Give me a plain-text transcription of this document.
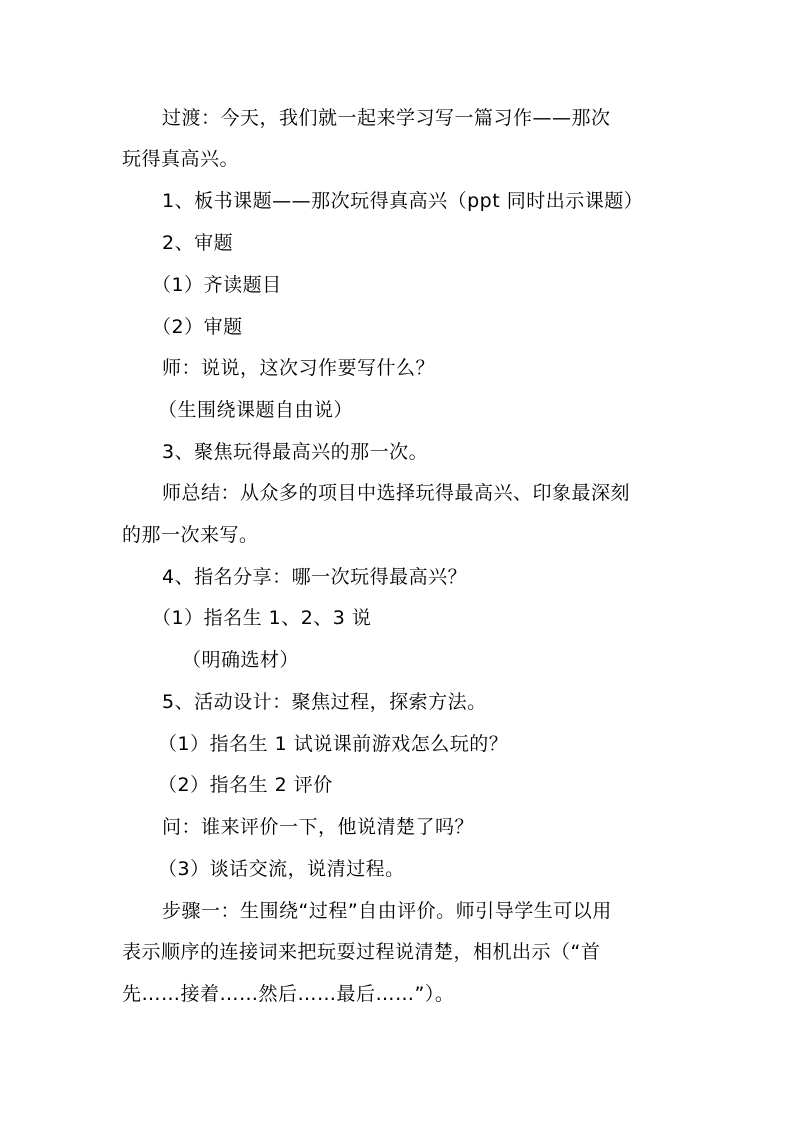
过渡：今天，我们就一起来学习写一篇习作——那次
玩得真高兴。
1、板书课题——那次玩得真高兴（ppt 同时出示课题）
2、审题
（1）齐读题目
（2）审题
师：说说，这次习作要写什么？
（生围绕课题自由说）
3、聚焦玩得最高兴的那一次。
师总结：从众多的项目中选择玩得最高兴、印象最深刻
的那一次来写。
4、指名分享：哪一次玩得最高兴？
（1）指名生 1、2、3 说
（明确选材）
5、活动设计：聚焦过程，探索方法。
（1）指名生 1 试说课前游戏怎么玩的？
（2）指名生 2 评价
问：谁来评价一下，他说清楚了吗？
（3）谈话交流，说清过程。
步骤一：生围绕“过程”自由评价。师引导学生可以用
表示顺序的连接词来把玩耍过程说清楚，相机出示（“首
先……接着……然后……最后……”）。
